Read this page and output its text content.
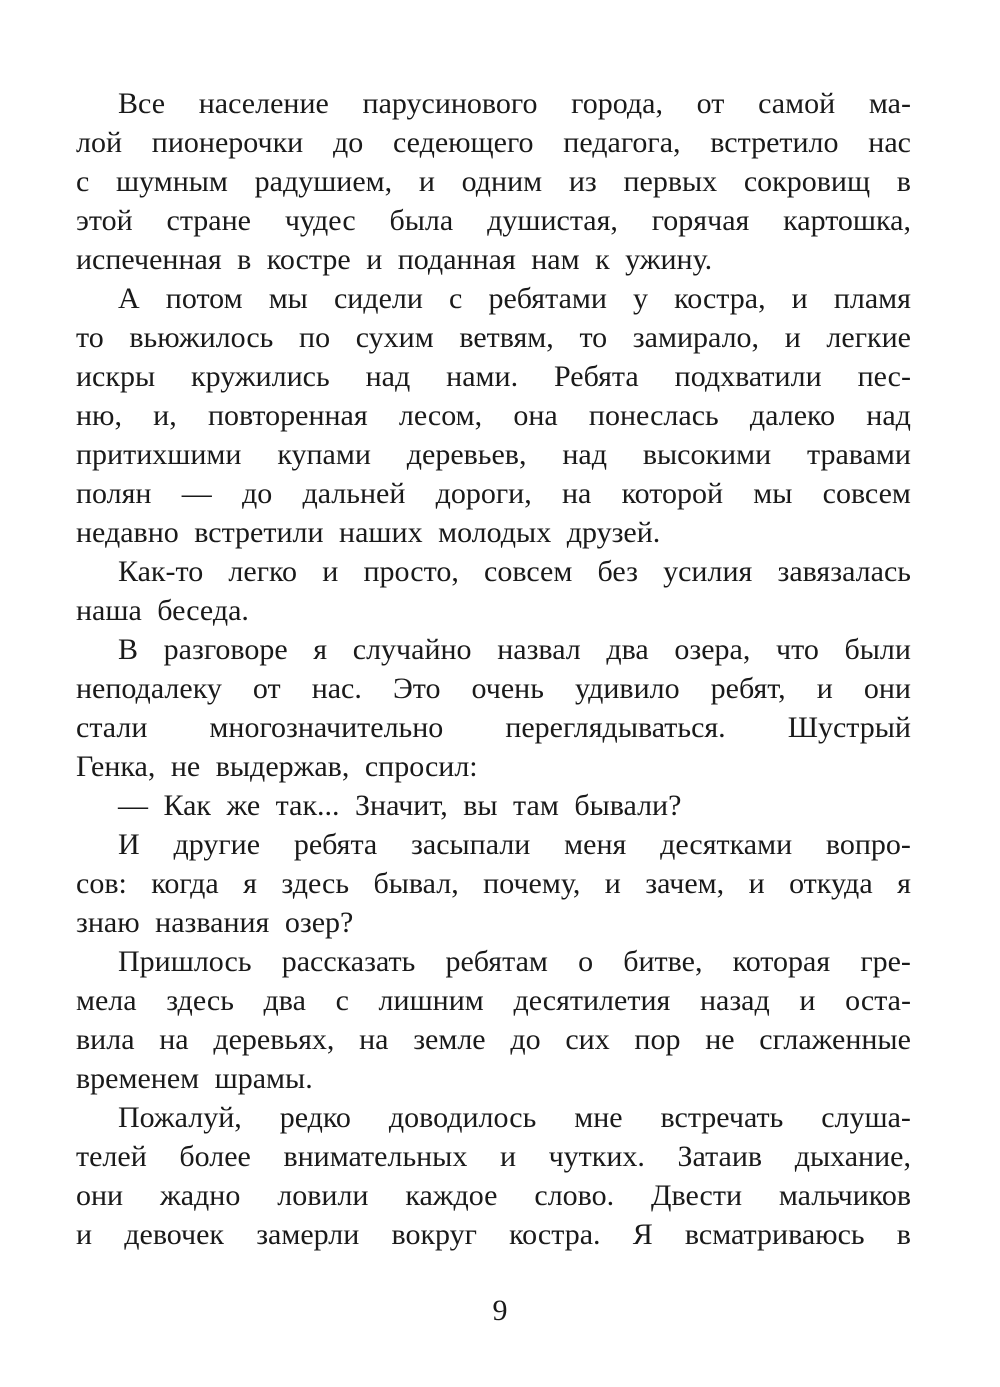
Все население парусинового города, от самой ма-
лой пионерочки до седеющего педагога, встретило нас
с шумным радушием, и одним из первых сокровищ в
этой стране чудес была душистая, горячая картошка,
испеченная в костре и поданная нам к ужину.
А потом мы сидели с ребятами у костра, и пламя
то вьюжилось по сухим ветвям, то замирало, и легкие
искры кружились над нами. Ребята подхватили пес-
ню, и, повторенная лесом, она понеслась далеко над
притихшими купами деревьев, над высокими травами
полян — до дальней дороги, на которой мы совсем
недавно встретили наших молодых друзей.
Как-то легко и просто, совсем без усилия завязалась
наша беседа.
В разговоре я случайно назвал два озера, что были
неподалеку от нас. Это очень удивило ребят, и они
стали многозначительно переглядываться. Шустрый
Генка, не выдержав, спросил:
— Как же так... Значит, вы там бывали?
И другие ребята засыпали меня десятками вопро-
сов: когда я здесь бывал, почему, и зачем, и откуда я
знаю названия озер?
Пришлось рассказать ребятам о битве, которая гре-
мела здесь два с лишним десятилетия назад и оста-
вила на деревьях, на земле до сих пор не сглаженные
временем шрамы.
Пожалуй, редко доводилось мне встречать слуша-
телей более внимательных и чутких. Затаив дыхание,
они жадно ловили каждое слово. Двести мальчиков
и девочек замерли вокруг костра. Я всматриваюсь в
9
